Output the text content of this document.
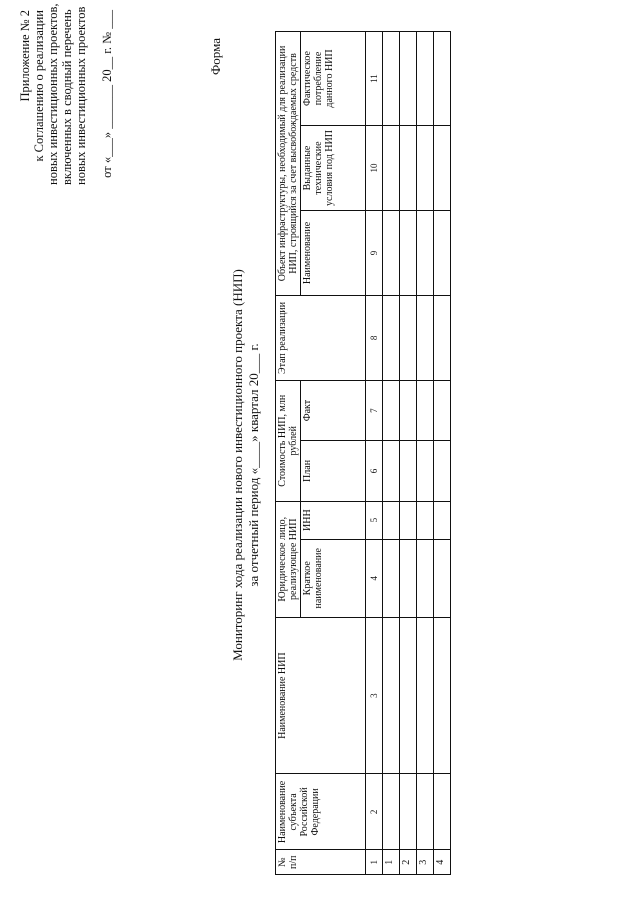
Приложение № 2 к Соглашению о реализации новых инвестиционных проектов, включенных в сводный перечень новых инвестиционных проектов от «___» _______ 20__ г. № ___	Форма
Мониторинг хода реализации нового инвестиционного проекта (НИП) за отчетный период «____» квартал 20___ г.
№ п/п	Наименование субъекта Российской Федерации	Наименование НИП	Юридическое лицо, реализующее НИП		Стоимость НИП, млн рублей		Этап реализации	Объект инфраструктуры, необходимый для реализации НИП, строящийся за счет высвобождаемых средств		
			Краткое наименование	ИНН	План	Факт		Наименование	Выданные технические условия под НИП	Фактическое потребление данного НИП
1	2	3	4	5	6	7	8	9	10	11
1										
2										
3										
4										
